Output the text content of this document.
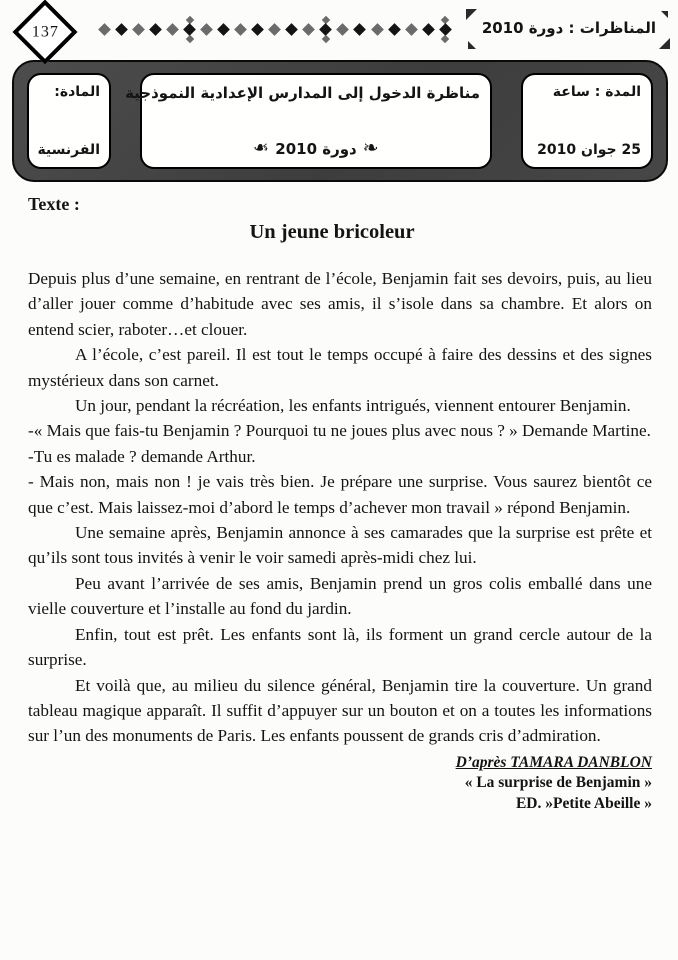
137	المناظرات : دورة 2010
المادة:
الفرنسية
مناظرة الدخول إلى المدارس الإعدادية النموذجية
❧
دورة 2010
❧
المدة : ساعة
25 جوان 2010
Texte :
Un jeune bricoleur

Depuis plus d’une semaine, en rentrant de l’école, Benjamin fait ses devoirs, puis, au lieu d’aller jouer comme d’habitude avec ses amis, il s’isole dans sa chambre. Et alors on entend scier, raboter…et clouer.

A l’école, c’est pareil. Il est tout le temps occupé à faire des dessins et des signes mystérieux dans son carnet.

Un jour, pendant la récréation, les enfants intrigués, viennent entourer Benjamin.

-« Mais que fais-tu Benjamin ? Pourquoi tu ne joues plus avec nous ? » Demande Martine.

-Tu es malade ? demande Arthur.

- Mais non, mais non ! je vais très bien. Je prépare une surprise. Vous saurez bientôt ce que c’est. Mais laissez-moi d’abord le temps d’achever mon travail » répond Benjamin.

Une semaine après, Benjamin annonce à ses camarades que la surprise est prête et qu’ils sont tous invités à venir le voir samedi après-midi chez lui.

Peu avant l’arrivée de ses amis, Benjamin prend un gros colis emballé dans une vielle couverture et l’installe au fond du jardin.

Enfin, tout est prêt. Les enfants sont là, ils forment un grand cercle autour de la surprise.

Et voilà que, au milieu du silence général, Benjamin tire la couverture. Un grand tableau magique apparaît. Il suffit d’appuyer sur un bouton et on a toutes les informations sur l’un des monuments de Paris. Les enfants poussent de grands cris d’admiration.

D’après TAMARA DANBLON
« La surprise de Benjamin »
ED. »Petite Abeille »
